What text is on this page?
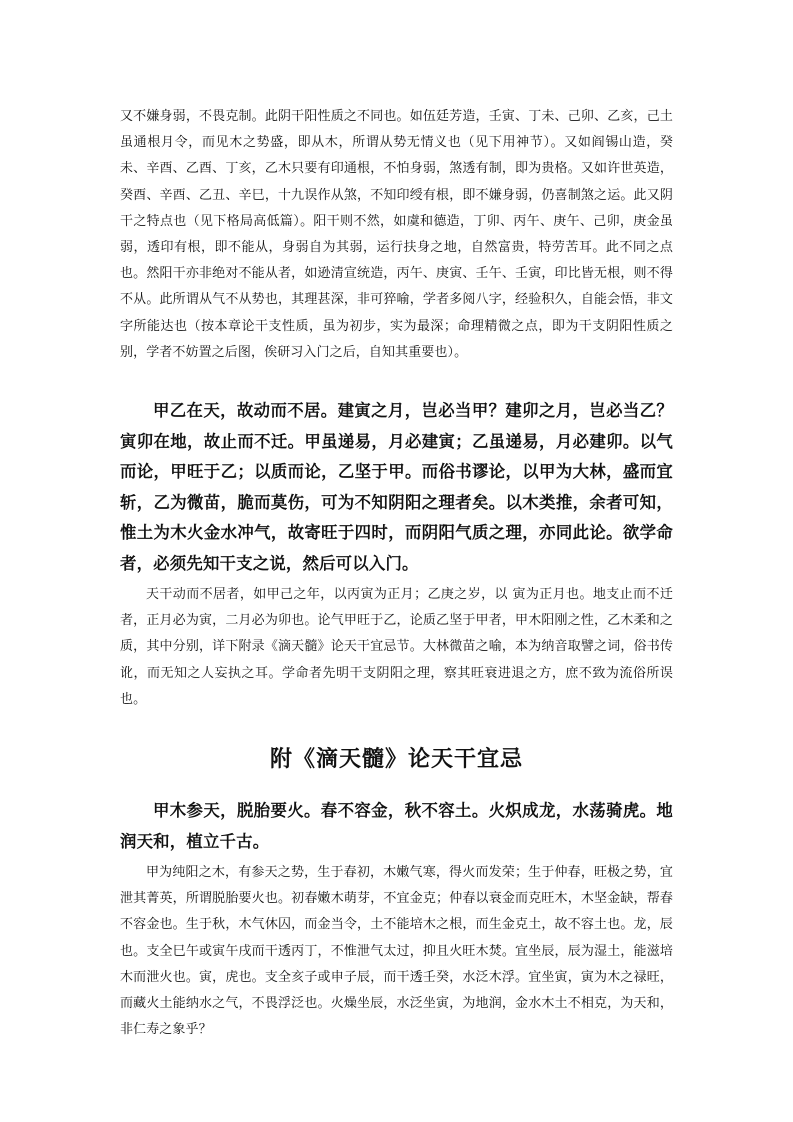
又不嫌身弱，不畏克制。此阴干阳性质之不同也。如伍廷芳造，壬寅、丁未、己卯、乙亥，己土虽通根月令，而见木之势盛，即从木，所谓从势无情义也（见下用神节）。又如阎锡山造，癸未、辛酉、乙酉、丁亥，乙木只要有印通根，不怕身弱，煞透有制，即为贵格。又如许世英造，癸酉、辛酉、乙丑、辛巳，十九误作从煞，不知印绶有根，即不嫌身弱，仍喜制煞之运。此又阴干之特点也（见下格局高低篇）。阳干则不然，如虞和德造，丁卯、丙午、庚午、己卯，庚金虽弱，透印有根，即不能从，身弱自为其弱，运行扶身之地，自然富贵，特劳苦耳。此不同之点也。然阳干亦非绝对不能从者，如逊清宣统造，丙午、庚寅、壬午、壬寅，印比皆无根，则不得不从。此所谓从气不从势也，其理甚深，非可猝喻，学者多阅八字，经验积久，自能会悟，非文字所能达也（按本章论干支性质，虽为初步，实为最深；命理精微之点，即为干支阴阳性质之别，学者不妨置之后图，俟研习入门之后，自知其重要也）。

甲乙在天，故动而不居。建寅之月，岂必当甲？建卯之月，岂必当乙？寅卯在地，故止而不迁。甲虽递易，月必建寅；乙虽递易，月必建卯。以气而论，甲旺于乙；以质而论，乙坚于甲。而俗书谬论，以甲为大林，盛而宜斩，乙为微苗，脆而莫伤，可为不知阴阳之理者矣。以木类推，余者可知，惟土为木火金水冲气，故寄旺于四时，而阴阳气质之理，亦同此论。欲学命者，必须先知干支之说，然后可以入门。

天干动而不居者，如甲己之年，以丙寅为正月；乙庚之岁，以 寅为正月也。地支止而不迁者，正月必为寅，二月必为卯也。论气甲旺于乙，论质乙坚于甲者，甲木阳刚之性，乙木柔和之质，其中分别，详下附录《滴天髓》论天干宜忌节。大林微苗之喻，本为纳音取譬之词，俗书传讹，而无知之人妄执之耳。学命者先明干支阴阳之理，察其旺衰进退之方，庶不致为流俗所误也。

附《滴天髓》论天干宜忌

甲木参天，脱胎要火。春不容金，秋不容土。火炽成龙，水荡骑虎。地润天和，植立千古。

甲为纯阳之木，有参天之势，生于春初，木嫩气寒，得火而发荣；生于仲春，旺极之势，宜泄其菁英，所谓脱胎要火也。初春嫩木萌芽，不宜金克；仲春以衰金而克旺木，木坚金缺，帮春不容金也。生于秋，木气休囚，而金当令，土不能培木之根，而生金克土，故不容土也。龙，辰也。支全巳午或寅午戌而干透丙丁，不惟泄气太过，抑且火旺木焚。宜坐辰，辰为湿土，能滋培木而泄火也。寅，虎也。支全亥子或申子辰，而干透壬癸，水泛木浮。宜坐寅，寅为木之禄旺，而藏火土能纳水之气，不畏浮泛也。火燥坐辰，水泛坐寅，为地润，金水木土不相克，为天和，非仁寿之象乎？
